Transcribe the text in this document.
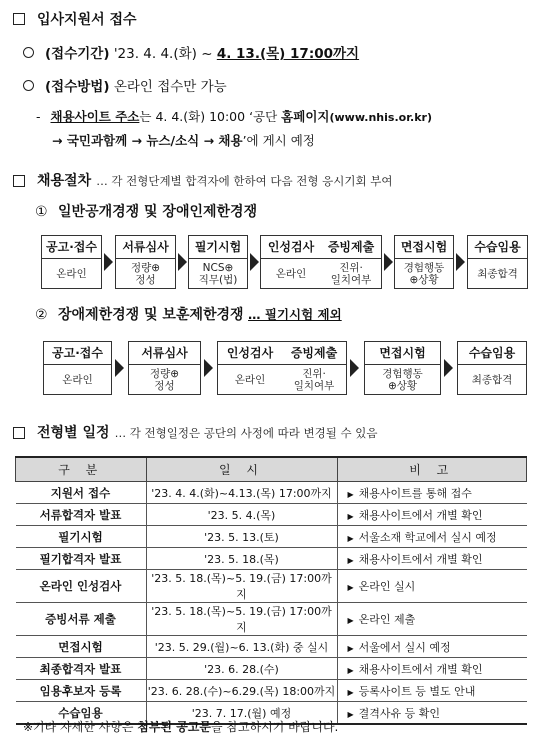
입사지원서 접수
(접수기간) '23. 4. 4.(화) ~ 4. 13.(목) 17:00까지
(접수방법) 온라인 접수만 가능
- 채용사이트 주소는 4. 4.(화) 10:00 ‘공단 홈페이지(www.nhis.or.kr)
→ 국민과함께 → 뉴스/소식 → 채용’에 게시 예정
채용절차 … 각 전형단계별 합격자에 한하여 다음 전형 응시기회 부여
① 일반공개경쟁 및 장애인제한경쟁
공고·접수
온라인
서류심사
정량⊕
정성
필기시험
NCS⊕
직무(법)
인성검사	증빙제출
온라인	진위·
일치여부
면접시험
경험행동
⊕상황
수습임용
최종합격
② 장애제한경쟁 및 보훈제한경쟁 … 필기시험 제외
공고·접수
온라인
서류심사
정량⊕
정성
인성검사	증빙제출
온라인	진위·
일치여부
면접시험
경험행동
⊕상황
수습임용
최종합격
전형별 일정 … 각 전형일정은 공단의 사정에 따라 변경될 수 있음
구 분	일 시	비 고
지원서 접수	'23. 4. 4.(화)~4.13.(목) 17:00까지	▶ 채용사이트를 통해 접수
서류합격자 발표	'23. 5. 4.(목)	▶ 채용사이트에서 개별 확인
필기시험	'23. 5. 13.(토)	▶ 서울소재 학교에서 실시 예정
필기합격자 발표	'23. 5. 18.(목)	▶ 채용사이트에서 개별 확인
온라인 인성검사	'23. 5. 18.(목)~5. 19.(금) 17:00까지	▶ 온라인 실시
증빙서류 제출	'23. 5. 18.(목)~5. 19.(금) 17:00까지	▶ 온라인 제출
면접시험	'23. 5. 29.(월)~6. 13.(화) 중 실시	▶ 서울에서 실시 예정
최종합격자 발표	'23. 6. 28.(수)	▶ 채용사이트에서 개별 확인
임용후보자 등록	'23. 6. 28.(수)~6.29.(목) 18:00까지	▶ 등록사이트 등 별도 안내
수습임용	'23. 7. 17.(월) 예정	▶ 결격사유 등 확인
※기타 자세한 사항은 첨부된 공고문을 참고하시기 바랍니다.
